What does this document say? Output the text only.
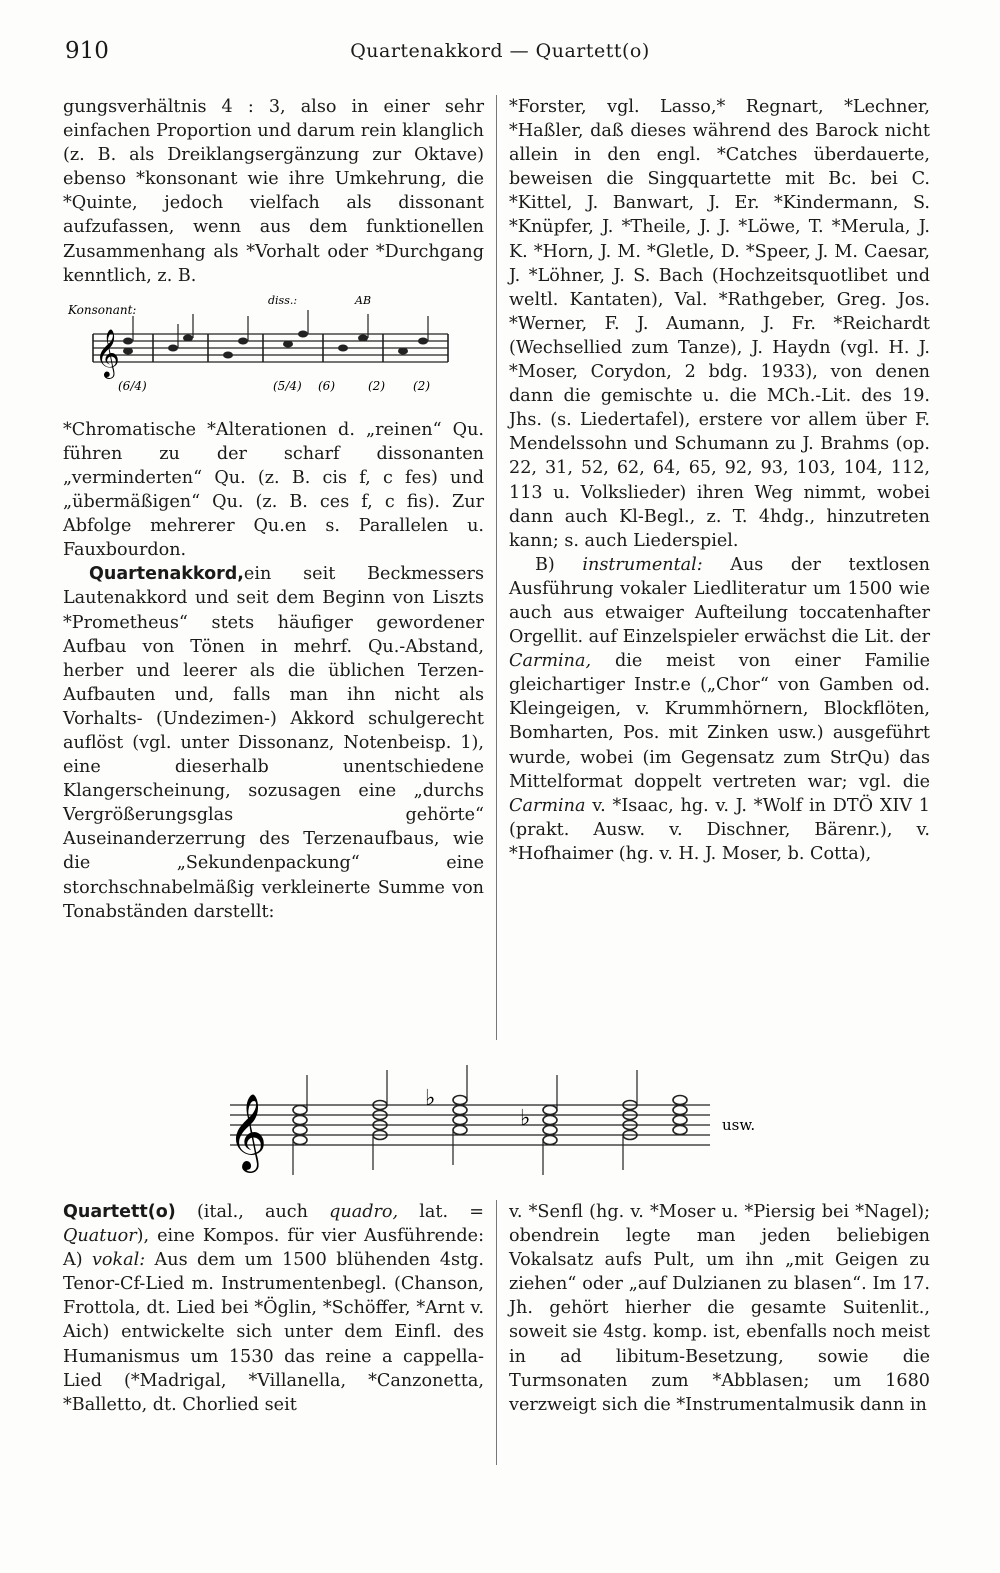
910	Quartenakkord — Quartett(o)

gungsverhältnis 4 : 3, also in einer sehr einfachen Proportion und darum rein klanglich (z. B. als Dreiklangsergänzung zur Oktave) ebenso *konsonant wie ihre Umkehrung, die *Quinte, jedoch vielfach als dissonant aufzufassen, wenn aus dem funktionellen Zusammenhang als *Vorhalt oder *Durchgang kenntlich, z. B.

Konsonant:
diss.:	AB
𝄞
(6/4)	(5/4) (6)	(2) (2)

*Chromatische *Alterationen d. „reinen“ Qu. führen zu der scharf dissonanten „verminderten“ Qu. (z. B. cis f, c fes) und „übermäßigen“ Qu. (z. B. ces f, c fis). Zur Abfolge mehrerer Qu.en s. Parallelen u. Fauxbourdon.

Quartenakkord,ein seit Beckmessers Lautenakkord und seit dem Beginn von Liszts *Prometheus“ stets häufiger gewordener Aufbau von Tönen in mehrf. Qu.-Abstand, herber und leerer als die üblichen Terzen-Aufbauten und, falls man ihn nicht als Vorhalts- (Undezimen-) Akkord schulgerecht auflöst (vgl. unter Dissonanz, Notenbeisp. 1), eine dieserhalb unentschiedene Klangerscheinung, sozusagen eine „durchs Vergrößerungsglas gehörte“ Auseinanderzerrung des Terzenaufbaus, wie die „Sekundenpackung“ eine storchschnabelmäßig verkleinerte Summe von Tonabständen darstellt:

*Forster, vgl. Lasso,* Regnart, *Lechner, *Haßler, daß dieses während des Barock nicht allein in den engl. *Catches überdauerte, beweisen die Singquartette mit Bc. bei C. *Kittel, J. Banwart, J. Er. *Kindermann, S. *Knüpfer, J. *Theile, J. J. *Löwe, T. *Merula, J. K. *Horn, J. M. *Gletle, D. *Speer, J. M. Caesar, J. *Löhner, J. S. Bach (Hochzeitsquotlibet und weltl. Kantaten), Val. *Rathgeber, Greg. Jos. *Werner, F. J. Aumann, J. Fr. *Reichardt (Wechsellied zum Tanze), J. Haydn (vgl. H. J. *Moser, Corydon, 2 bdg. 1933), von denen dann die gemischte u. die MCh.-Lit. des 19. Jhs. (s. Liedertafel), erstere vor allem über F. Mendelssohn und Schumann zu J. Brahms (op. 22, 31, 52, 62, 64, 65, 92, 93, 103, 104, 112, 113 u. Volkslieder) ihren Weg nimmt, wobei dann auch Kl-Begl., z. T. 4hdg., hinzutreten kann; s. auch Liederspiel.

B) instrumental: Aus der textlosen Ausführung vokaler Liedliteratur um 1500 wie auch aus etwaiger Aufteilung toccatenhafter Orgellit. auf Einzelspieler erwächst die Lit. der Carmina, die meist von einer Familie gleichartiger Instr.e („Chor“ von Gamben od. Kleingeigen, v. Krummhörnern, Blockflöten, Bomharten, Pos. mit Zinken usw.) ausgeführt wurde, wobei (im Gegensatz zum StrQu) das Mittelformat doppelt vertreten war; vgl. die Carmina v. *Isaac, hg. v. J. *Wolf in DTÖ XIV 1 (prakt. Ausw. v. Dischner, Bärenr.), v. *Hofhaimer (hg. v. H. J. Moser, b. Cotta),

𝄞	♭
♭	usw.

Quartett(o) (ital., auch quadro, lat. = Quatuor), eine Kompos. für vier Ausführende: A) vokal: Aus dem um 1500 blühenden 4stg. Tenor-Cf-Lied m. Instrumentenbegl. (Chanson, Frottola, dt. Lied bei *Öglin, *Schöffer, *Arnt v. Aich) entwickelte sich unter dem Einfl. des Humanismus um 1530 das reine a cappella-Lied (*Madrigal, *Villanella, *Canzonetta, *Balletto, dt. Chorlied seit

v. *Senfl (hg. v. *Moser u. *Piersig bei *Nagel); obendrein legte man jeden beliebigen Vokalsatz aufs Pult, um ihn „mit Geigen zu ziehen“ oder „auf Dulzianen zu blasen“. Im 17. Jh. gehört hierher die gesamte Suitenlit., soweit sie 4stg. komp. ist, ebenfalls noch meist in ad libitum-Besetzung, sowie die Turmsonaten zum *Abblasen; um 1680 verzweigt sich die *Instrumentalmusik dann in
